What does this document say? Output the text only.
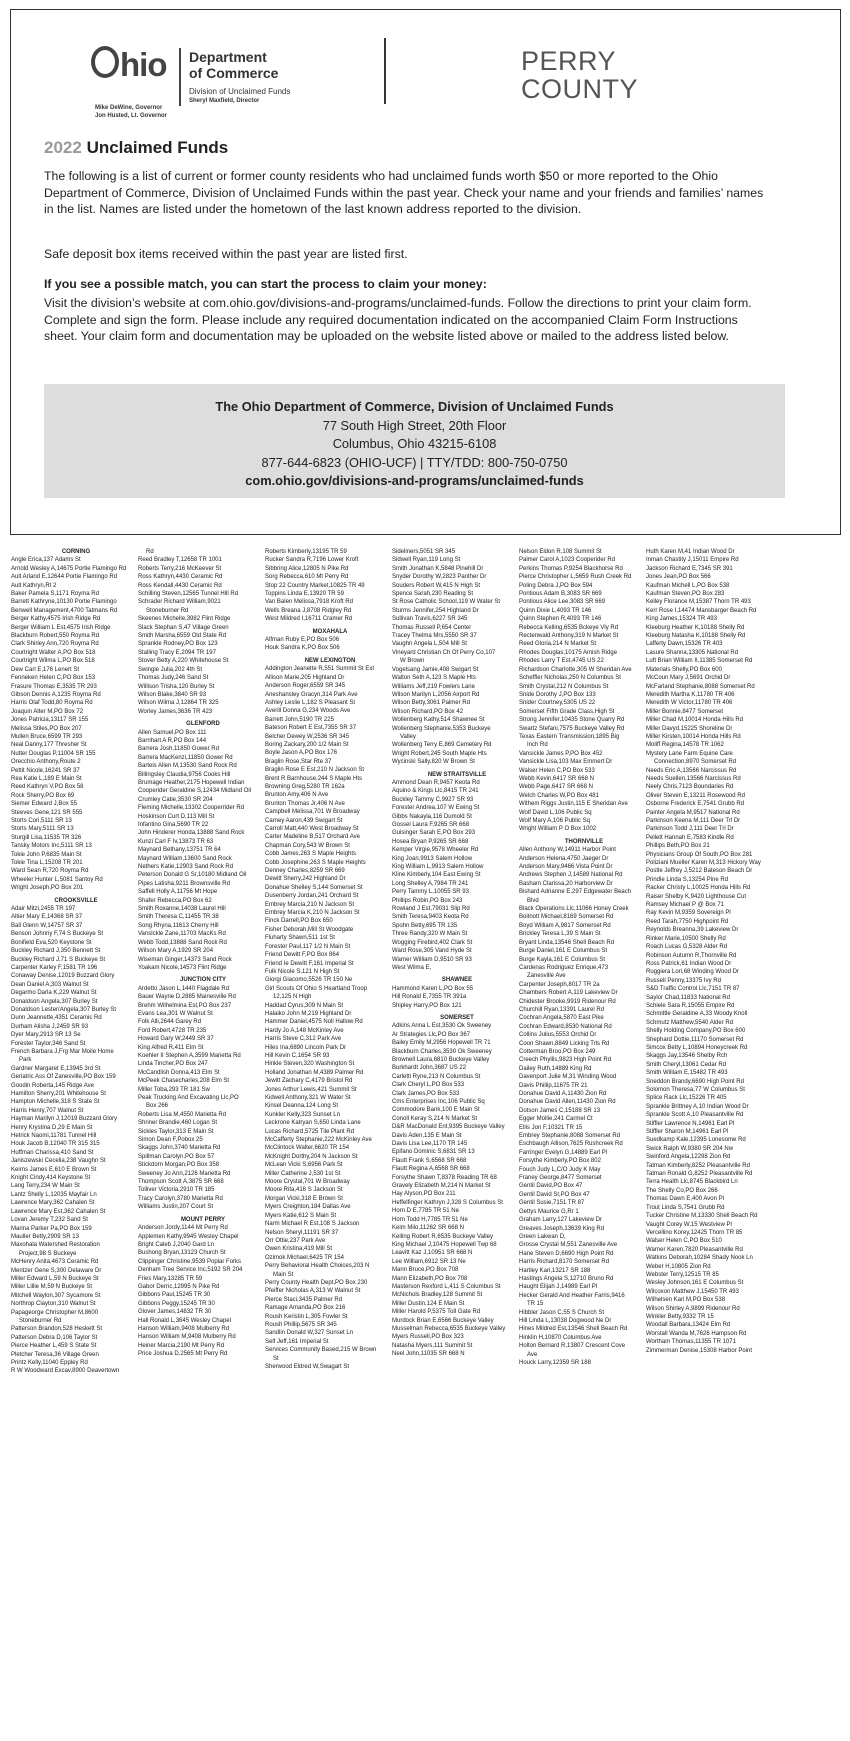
hio Department
of Commerce
Division of Unclaimed Funds
Sheryl Maxfield, Director
Mike DeWine, Governor
Jon Husted, Lt. Governor
PERRY
COUNTY
2022 Unclaimed Funds
The following is a list of current or former county residents who had unclaimed funds worth $50 or more reported to the Ohio Department of Commerce, Division of Unclaimed Funds within the past year. Check your name and your friends and families’ names in the list. Names are listed under the hometown of the last known address reported to the division.
Safe deposit box items received within the past year are listed first.
If you see a possible match, you can start the process to claim your money:
Visit the division’s website at com.ohio.gov/divisions-and-programs/unclaimed-funds. Follow the directions to print your claim form. Complete and sign the form. Please include any required documentation indicated on the accompanied Claim Form Instructions sheet. Your claim form and documentation may be uploaded on the website listed above or mailed to the address listed below.
The Ohio Department of Commerce, Division of Unclaimed Funds
77 South High Street, 20th Floor
Columbus, Ohio 43215-6108
877-644-6823 (OHIO-UCF) | TTY/TDD: 800-750-0750
com.ohio.gov/divisions-and-programs/unclaimed-funds
CORNING
Angle Erica,137 Adams St
Arnold Wesley A,14675 Portie Flamingo Rd
Ault Arland E,12644 Portie Flamingo Rd
Ault Kathryn,Rt 2
Baker Pamela S,1171 Royma Rd
Barrett Kathryne,10130 Portie Flamingo
Benwell Management,4700 Tatmans Rd
Berger Kathy,4575 Irish Ridge Rd
Berger William L Est,4575 Irish Ridge
Blackburn Robert,550 Royma Rd
Clark Shirley Ann,720 Royma Rd
Courtright Walter A,PO Box 518
Courtright Wilma L,PO Box 518
Dew Carl E,176 Lenert St
Fenneken Helen C,PO Box 153
Frasure Thomas E,3535 TR 293
Gibson Dennis A,1235 Royma Rd
Harris Olaf Todd,80 Royma Rd
Joaquin Alter M,PO Box 72
Jones Patricia,13117 SR 155
Melissa Stiles,PO Box 207
Mullen Bruce,6599 TR 293
Neal Danny,177 Thresher St
Nutter Douglas P,11004 SR 155
Orecchio Anthony,Route 2
Pettit Nicole,16241 SR 37
Rea Katie L,189 E Main St
Reed Kathryn V,PO Box 58
Rock Sherry,PO Box 69
Siemer Edward J,Box 55
Steeves Gene,121 SR 555
Storts Cori,5111 SR 13
Storts Mary,5111 SR 13
Sturgill Lisa,11535 TR 326
Tansky Motors Inc,5111 SR 13
Tokie John P,6835 Main St
Tokie Tina L,15208 TR 201
Ward Sean R,720 Royma Rd
Wheeler Hunter L,5081 Santoy Rd
Wright Joseph,PO Box 201

CROOKSVILLE
Adair Mitzi,2455 TR 197
Altier Mary E,14368 SR 37
Ball Glenn W,14757 SR 37
Benson Johnny F,74 S Buckeye St
Bonifield Eva,520 Keystone St
Buckley Richard J,350 Bennett St
Buckley Richard J,71 S Buckeye St
Carpenter Karley F,1581 TR 196
Conaway Denise,12019 Buzzard Glory
Dean Daniel A,303 Walnut St
Degarmo Darla K,229 Walnut St
Donaldson Angela,307 Burley St
Donaldson Lester/Angela,307 Burley St
Dunn Jeannette,4351 Ceramic Rd
Durham Alisha J,2459 SR 93
Dyer Mary,2913 SR 13 Se
Forester Taylor,346 Sand St
French Barbara J,Frg Mar Moile Home
Park
Gardner Margaret E,13945 3rd St
Geriatric Ass Of Zanesville,PO Box 159
Goodin Roberta,145 Ridge Ave
Hamilton Sherry,201 Whitehouse St
Hampton Michelle,318 S State St
Harris Henry,707 Walnut St
Hayman Marilyn J,12019 Buzzard Glory
Henry Krystina D,29 E Main St
Hetrick Naomi,11781 Tunnel Hill
Houk Jacob B,12040 TR 315 315
Huffman Charissa,410 Sand St
Janiszewski Cecelia,238 Vaughn St
Keirns James E,610 E Brown St
Knight Cindy,414 Keystone St
Lang Terry,234 W Main St
Lantz Shelly L,12035 Mayfair Ln
Lawrence Mary,362 Cahalen St
Lawrence Mary Est,362 Cahalen St
Lovan Jeremy T,232 Sand St
Marina Parker Pa,PO Box 159
Mauller Betty,2909 SR 13
Maxohala Watershed Restoration
Project,98 S Buckeye
McHenry Anita,4673 Ceramic Rd
Mentzer Gene S,300 Delaware Dr
Miller Edward L,59 N Buckeye St
Miller Lillie M,59 N Buckeye St
Mitchell Waylon,307 Sycamore St
Northrop Clayton,310 Walnut St
Papageorge Christopher M,8600
Stoneburner Rd
Patterson Brandon,528 Heskett St
Patterson Debra D,106 Taylor St
Pierce Heather L,459 S State St
Pletcher Teresa,36 Village Green
Printz Kelly,11040 Eppley Rd
R W Woodward Excav,8900 Deavertown
Rd
Reed Bradley T,12658 TR 1001
Roberts Terry,216 McKeever St
Ross Kathryn,4430 Ceramic Rd
Ross Kendall,4430 Ceramic Rd
Schilling Steven,12565 Tunnel Hill Rd
Schrader Richard William,9021
Stoneburner Rd
Skeenes Michelle,3982 Flint Ridge
Slack Stephan S,47 Village Green
Smith Marsha,6559 Old State Rd
Sprankle Rodney,PO Box 123
Stalling Tracy E,2094 TR 197
Stover Betty A,220 Whitehouse St
Swingle Julia,202 4th St
Thomas Judy,246 Sand St
Willison Trisha,120 Burley St
Wilson Blake,3840 SR 93
Wilson Wilma J,12864 TR 325
Worley James,3636 TR 423

GLENFORD
Allen Samuel,PO Box 111
Barnhart A R,PO Box 144
Barrera Josh,11850 Gower Rd
Barrera MacKenzi,11850 Gower Rd
Barteis Allen M,13530 Sand Rock Rd
Billingsley Claudia,9756 Cooks Hill
Brumage Heather,2175 Hopewell Indian
Cooperider Geraldine S,12434 Midland Oil
Crumley Catie,3530 SR 204
Fleming Michelle,13302 Cooperrider Rd
Hoskinson Curt D,113 Mill St
Infantino Gina,5690 TR 22
John Hinderer Honda,13888 Sand Rock
Kunzi Carl F Iv,13873 TR 63
Maynard Bethany,13751 TR 64
Maynard William,13600 Sand Rock
Nethers Katie,12903 Sand Rock Rd
Peterson Donald G Sr,10180 Midland Oil
Pipes Latisha,9211 Brownsville Rd
Saffell Holly A,11756 Mt Hope
Shafer Rebecca,PO Box 62
Smith Roxanne,14038 Laurel Hill
Smith Theresa C,11455 TR 38
Song Rhyna,11613 Cherry Hill
Vanslckle Zane,11703 MacKs Rd
Webb Todd,13888 Sand Rock Rd
Wilson Mary A,1929 SR 204
Wiseman Ginger,14373 Sand Rock
Yoakam Nicole,14573 Flint Ridge

JUNCTION CITY
Ardetto Jason L,1440 Flagdale Rd
Bauer Wayne D,2885 Mainesville Rd
Brehm Wilhelmina Est,PO Box 237
Evans Lea,301 W Walnut St
Folk Alli,2644 Garey Rd
Ford Robert,4728 TR 235
Howard Gary W,2449 SR 37
King Alfred R,411 Elm St
Koehler II Stephen A,3599 Marietta Rd
Linda Tincher,PO Box 247
McCandlish Donna,413 Elm St
McPeek Chasecharles,208 Elm St
Miller Toba,293 TR 181 Sw
Peak Trucking And Excavating Llc,PO
Box 266
Roberts Lisa M,4550 Marietta Rd
Shriner Brandie,460 Logan St
Sickles Taylor,313 E Main St
Simon Dean F,Pobox 25
Skaggs John,3740 Marietta Rd
Spillman Carolyn,PO Box 57
Stickdorn Morgan,PO Box 358
Sweeney Jo Ann,2126 Marietta Rd
Thompson Scott A,3875 SR 668
Tolliver Victoria,2910 TR 185
Tracy Carolyn,3780 Marietta Rd
Williams Justin,207 Court St

MOUNT PERRY
Anderson Jordy,1144 Mt Perry Rd
Applemen Kathy,9945 Wesley Chapel
Bright Caleb J,2040 Gard Ln
Bushong Bryan,13123 Church St
Clippinger Christine,9539 Poplar Forks
Denham Tree Service Inc,5192 SR 204
Fries Mary,13285 TR 59
Gabor Derric,12995 N Pike Rd
Gibbons Paul,15245 TR 30
Gibbons Peggy,15245 TR 30
Glover James,14832 TR 30
Hall Ronald L,3645 Wesley Chapel
Hanson William,9408 Mulberry Rd
Hanson William M,9408 Mulberry Rd
Heiner Marcia,2190 Mt Perry Rd
Price Joshua D,2565 Mt Perry Rd
Roberts Kimberly,13195 TR 59
Rucker Sandra R,7196 Lower Kroft
Sibbring Alice,12805 N Pike Rd
Sorg Rebecca,610 Mt Perry Rd
Stop 22 Country Market,10825 TR 49
Toppins Linda E,13920 TR 59
Van Balen Melissa,7918 Kroft Rd
Wells Breana J,8708 Ridgley Rd
West Mildred I,16711 Cramer Rd

MOXAHALA
Alfman Ruby E,PO Box 506
Houk Sandra K,PO Box 506

NEW LEXINGTON
Addington Jeanette R,551 Summit St Ext
Allison Marie,205 Highland Dr
Anderson Roger,6559 SR 345
Aneshansley Gracyn,314 Park Ave
Ashley Leslie L,182 S Pleasant St
Averill Donna G,234 Woods Ave
Barrett John,5190 TR 225
Bateson Robert E Est,7355 SR 37
Belcher Dewey W,2536 SR 345
Boring Zackary,200 1/2 Main St
Boyle Jason A,PO Box 176
Braglin Rose,Star Rte 37
Braglin Rose E Est,210 N Jackson St
Brent R Barnhouse,244 S Maple Hts
Browning Greg,5280 TR 162a
Brunton Amy,406 N Ave
Brunton Thomas Jr,406 N Ave
Campbell Melissa,701 W Broadway
Carney Aaron,439 Swigart St
Carroll Matt,440 West Broadway St
Carter Madeline B,517 Orchard Ave
Chapman Cory,543 W Brown St
Cobb James,263 S Maple Heights
Cobb Josephine,263 S Maple Heights
Denney Charles,8259 SR 669
Dewitt Sherry,242 Highland Dr
Donahue Shelley S,144 Somerset St
Dusenberry Jordan,241 Orchard St
Embrey Marcia,210 N Jackson St
Embrey Marcia K,210 N Jackson St
Finck Darrell,PO Box 650
Fisher Deborah,Mill St Woodgate
Fluharty Shawn,511 1st St
Forester Paul,117 1/2 N Main St
Friend Dewitt F,PO Box 864
Friend Ie Dewitt F,161 Imperial St
Fulk Nicole S,121 N High St
Giorgi Giacomo,5526 TR 150 Ne
Girl Scouts Of Ohio S Heartland Troop
12,125 N High
Haddad Cyrus,309 N Main St
Halaiko John M,219 Highland Dr
Hammer Daniel,4575 Noll Hallow Rd
Hardy Jo A,148 McKinley Ave
Harris Steve C,312 Park Ave
Hiles Ina,6890 Lincoln Park Dr
Hill Kevin C,1654 SR 93
Hinkle Steven,320 Washington St
Holland Jonathan M,4389 Palmer Rd
Jewitt Zachary C,4179 Bristol Rd
Jones Arthur Lewis,421 Summit St
Kidwell Anthony,321 W Water St
Kinsel Deanna,124 Long St
Kunkler Kelly,323 Sunset Ln
Leckrone Katryan S,650 Linda Lane
Lucas Richard,5725 Tile Plant Rd
McCafferty Stephanie,222 McKinley Ave
McClintock Walter,6620 TR 154
McKnight Dorthy,204 N Jackson St
McLean Vicki S,6956 Park St
Miller Catherine J,530 1st St
Moore Crystal,701 W Broadway
Moore Rita,416 S Jackson St
Morgan Vicki,318 E Brown St
Myers Creighton,184 Dallas Ave
Myers Katie,612 S Main St
Narm Michael R Est,108 S Jackson
Nelson Sheryl,11191 SR 37
Orr Ottie,237 Park Ave
Owen Kristina,419 Mill St
Ozimok Michael,6425 TR 154
Perry Behavioral Health Choices,203 N
Main St
Perry County Health Dept,PO Box 230
Pfeiffer Nicholas A,313 W Walnut St
Pierce Staci,3435 Palmer Rd
Ramage Amanda,PO Box 216
Roush Keristin L,305 Fowler St
Roush Phillip,5675 SR 345
Sandlin Donald W,327 Sunset Ln
Self Jeff,161 Imperial St
Services Community Based,215 W Brown
St
Sherwood Eldred W,Swagart St
Sideliners,5051 SR 345
Sidwell Ryan,119 Long St
Smith Jonathan K,5848 Pinehill Dr
Snyder Dorothy W,2823 Panther Dr
Souders Robert W,415 N High St
Spence Sarah,230 Reading St
St Rose Catholic School,119 W Water St
Sturms Jennifer,254 Highland Dr
Sullivan Travis,6227 SR 345
Thomas Russell P,654 Center
Tracey Thelma Mrs,5550 SR 37
Vaughn Angela L,504 Mill St
Vineyard Christian Ch Of Perry Co,107
W Brown
Vogelsang Jamie,408 Swigart St
Walton Seth A,123 S Maple Hts
Williams Jeff,219 Fowlers Lane
Wilson Marilyn L,2056 Airport Rd
Wilson Betty,3061 Palmer Rd
Wilson Richard,PO Box 42
Wollenberg Kathy,514 Shawnee St
Wollenberg Stephanie,5353 Buckeye
Valley
Wollenberg Terry E,869 Cemetery Rd
Wright Robert,245 South Maple Hts
Wycinski Sally,820 W Brown St

NEW STRAITSVILLE
Ammond Dean R,9457 Keota Rd
Aquino & Kings Llc,8415 TR 241
Buckley Tammy C,9927 SR 93
Forester Andrea,107 W Ewing St
Gibbs Nakayla,116 Dumold St
Gossel Laura F,9265 SR 668
Guisinger Sarah E,PO Box 293
Hosea Bryan P,9265 SR 668
Kemper Virgie,9578 Wheeler Rd
King Joan,9913 Salem Hollow
King William L,9913 Salem Hollow
Kline Kimberly,104 East Ewing St
Long Shelley A,7984 TR 241
Perry Tammy L,10055 SR 93
Phillips Robin,PO Box 243
Rowland J Est,79031 Slip Rd
Smith Teresa,9403 Keota Rd
Spohn Betty,695 TR 135
Three Randy,320 W Main St
Wogging Firebird,402 Clark St
Ward Rose,305 Vand Hyde St
Warner William D,9510 SR 93
West Wilma E,

SHAWNEE
Hammond Karen L,PO Box 55
Hill Ronald E,7355 TR 391a
Shipley Harry,PO Box 121

SOMERSET
Adkins Anna L Est,3530 Ok Sweeney
Ar Strategies Llc,PO Box 367
Bailey Emily M,2956 Hopewell TR 71
Blackburn Charles,3530 Ok Sweeney
Brownell Laura,6810 Buckeye Valley
Burkhardt John,3687 US 22
Carletti Ryne,213 N Columbus St
Clark Cheryl L,PO Box 533
Clark James,PO Box 533
Cms Enterprises Inc,106 Public Sq
Commodore Bank,100 E Main St
Conoll Keray S,214 N Market St
D&R MacDonald Ent,9395 Buckeye Valley
Davis Aden,135 E Main St
Davis Lisa Lee,1170 TR 145
Epifano Dominic S,6831 SR 13
Flautt Frank S,6568 SR 668
Flautt Regina A,6568 SR 668
Forsythe Shawn T,8378 Reading TR 68
Gravely Elizabeth M,214 N Market St
Hay Alyson,PO Box 211
Heffelfinger Kathryn J,328 S Columbus St
Horn D E,7785 TR 51 Ne
Horn Todd H,7785 TR 51 Ne
Keim Milo,11262 SR 668 N
Kelling Robert R,6535 Buckeye Valley
King Michael J,10475 Hopewell Twp 68
Leavitt Kaz J,10951 SR 668 N
Lee William,6912 SR 13 Ne
Mann Bruce,PO Box 708
Mann Elizabeth,PO Box 708
Masterson Rexford L,411 S Columbus St
McNichols Bradley,128 Summit St
Miller Dustin,124 E Main St
Miller Harold P,5375 Toll Gate Rd
Murdock Brian E,6566 Buckeye Valley
Musselman Rebecca,6535 Buckeye Valley
Myers Russell,PO Box 323
Natasha Myers,111 Summit St
Neel John,11035 SR 668 N
Nelson Eldon R,108 Summit St
Palmer Carol A,1023 Cooperider Rd
Perkins Thomas P,9254 Blackhorse Rd
Pierce Christopher L,5659 Rush Creek Rd
Poling Debra J,PO Box 594
Pontious Adam B,3083 SR 669
Pontious Alice Lee,3083 SR 669
Quinn Dixie L,4093 TR 146
Quinn Stephen R,4093 TR 146
Rebecca Kelling,6535 Bckeye Vly Rd
Rectenwald Anthony,319 N Market St
Reed Gloria,214 N Market St
Rhodes Douglas,10175 Amish Ridge
Rhodes Larry T Est,4745 US 22
Richardson Charlotte,305 W Sheridan Ave
Scheffler Nicholas,250 N Columbus St
Smith Crystal,212 N Columbus St
Snide Dorothy J,PO Box 133
Snider Courtney,5305 US 22
Somerset Fifth Grade Class,High St
Strong Jennifer,10435 Stone Quarry Rd
Swartz Stefani,7575 Buckeye Valley Rd
Texas Eastern Transmission,1895 Big
Inch Rd
Vansickle James P,PO Box 452
Vansickle Lisa,103 Max Emmert Dr
Walser Helen C,PO Box 533
Webb Kevin,6417 SR 668 N
Webb Page,6417 SR 668 N
Welch Charles W,PO Box 481
Withem Riggs Justin,115 E Sheridan Ave
Wolf David L,106 Public Sq
Wolf Mary A,106 Public Sq
Wright William P O Box 1002

THORNVILLE
Allen Anthony W,14911 Harbor Point
Anderson Helena,4750 Jaeger Dr
Anderson Mary,9466 Vista Point Dr
Andrews Stephen J,14589 National Rd
Basham Clarissa,20 Harborview Dr
Bishard Adrianne E,297 Edgewater Beach
Blvd
Black Operations Llc,11066 Honey Creek
Boitnott Michael,8169 Somerset Rd
Boyd William A,9817 Somerset Rd
Brickley Teresa L,39 S Main St
Bryant Linda,13546 Shell Beach Rd
Burge Daniel,161 E Columbus St
Burge Kayla,161 E Columbus St
Cardenas Rodriguez Enrique,473
Zanesville Ave
Carpenter Joseph,8017 TR 2a
Chambers Robert A,119 Lakeview Dr
Chidester Brooke,9919 Ridenour Rd
Churchill Ryan,13391 Laurel Rd
Cochran Angela,5870 East Pike
Cochran Edward,8530 National Rd
Collins Julius,5553 Orchid Dr
Coon Shawn,8849 Licking Trls Rd
Cotterman Broo,PO Box 249
Creech Phyllis,9823 High Point Rd
Dailey Ruth,14889 King Rd
Davenport Julie M,31 Winding Wood
Davis Phillip,11675 TR 21
Donahue David A,11430 Zion Rd
Donahue David Allen,11430 Zion Rd
Dotson James C,15188 SR 13
Egger Mollie,241 Carmel Ct
Ellis Jon F,10321 TR 15
Embrey Stephanie,8088 Somerset Rd
Eschbaugh Allison,7625 Rushcreek Rd
Farringer Evelyn G,14889 Earl Pl
Forsythe Kimberly,PO Box 802
Fouch Judy L,C/O Judy K May
Franey George,8477 Somerset
Gentil David,PO Box 47
Gentil David Sr,PO Box 47
Gentil Susie,7151 TR 87
Gettys Maurice G,Rr 1
Graham Larry,127 Lakeview Dr
Greaves Joseph,13639 King Rd
Green Lakwan D,
Grosse Crystal M,551 Zanesville Ave
Hane Steven D,6690 High Point Rd
Harris Richard,8170 Somerset Rd
Hartley Kari,13217 SR 188
Hastings Angela S,12710 Bruno Rd
Haught Elijah J,14989 Earl Pl
Hecker Gerald And Heather Farris,9416
TR 15
Hibbler Jason C,55 S Church St
Hill Linda L,13038 Dogwood Ne Dr
Hines Mildred Est,13546 Shell Beach Rd
Hinklin H,10870 Columbus Ave
Holton Bernard R,13807 Crescent Cove
Ave
Houck Larry,12359 SR 188
Huth Karen M,41 Indian Wood Dr
Inman Chastity J,15011 Empire Rd
Jackson Richard E,7345 SR 391
Jones Jean,PO Box 566
Kaufman Michell L,PO Box 538
Kaufman Steven,PO Box 283
Kelley Florance M,15387 Thorn TR 493
Kerr Rose I,14474 Mansbarger Beach Rd
King James,15324 TR 493
Kleeburg Heather K,10188 Shelly Rd
Kleeburg Natasha K,10188 Shelly Rd
Lafferty Dawn,15326 TR 403
Lasure Shanna,13305 National Rd
Luft Brian William II,11385 Somerset Rd
Materials Shelly,PO Box 600
McCoun Mary J,5691 Orchid Dr
McFarland Stephanie,8088 Somerset Rd
Meredith Martha K,11780 TR 406
Meredith W Victor,11780 TR 406
Miller Bonnie,8477 Somerset
Miller Chad M,10014 Honda Hills Rd
Miller Davyd,15225 Shoreline Dr
Miller Kirsten,10014 Honda Hills Rd
Moliff Regina,14578 TR 1062
Mystery Lane Farm Equine Care
Connection,8970 Somerset Rd
Needs Eric A,13566 Narcissus Rd
Needs Suellen,13566 Narcissus Rd
Neely Chris,7123 Boundaries Rd
Oliver Steven E,13211 Rosewood Rd
Osborne Frederick E,7541 Grubb Rd
Painter Angela M,9517 National Rd
Parkinson Keena M,111 Deer Trl Dr
Parkinson Todd J,111 Deer Trl Dr
Pellett Hannah E,7583 Kindle Rd
Phillips Beth,PO Box 21
Physicians Group Of South,PO Box 281
Poliziani Mueller Karen M,313 Hickory Way
Postle Jeffrey J,5212 Bateson Beach Dr
Prindle Linda S,13254 Pine Rd
Racker Christy L,10025 Honda Hills Rd
Raiser Shelby K,9420 Lighthouse Cut
Ramsey Michael P @ Box 71
Ray Kevin M,9359 Sovereign Pl
Reed Tarah,7750 Highpoint Rd
Reynolds Breanna,39 Lakeview Dr
Rinker Marie,10500 Shelly Rd
Roach Lucas G,5328 Alder Rd
Robinson Autumn R,Thornville Rd
Ross Patrick,61 Indian Wood Dr
Ruggiera Lori,68 Winding Wood Dr
Russell Penny,13375 Ivy Rd
S&D Traffic Control Llc,7151 TR 87
Saylor Chad,11833 National Rd
Schiele Sara R,15055 Empire Rd
Schmittle Geraldine A,33 Woody Knoll
Schmutz Matthew,5540 Alder Rd
Shelly Holding Company,PO Box 600
Shephard Dottie,11170 Somerset Rd
Simcox Betty L,10894 Honeycreek Rd
Skaggs Jay,13546 Shelby Rch
Smith Cheryl,13061 Cedar Rd
Smith William E,15482 TR 493
Sneddon Brandy,6690 High Point Rd
Solomon Theresa,77 W Columbus St
Splice Rack Llc,15226 TR 405
Sprankle Brittney A,10 Indian Wood Dr
Sprankle Scott A,10 Pleasantville Rd
Stiffler Lawrence N,14961 Earl Pl
Stiffler Sharon M,14961 Earl Pl
Suedkamp Kale,12395 Lonesome Rd
Swick Ralph W,9380 SR 204 Nw
Swinford Angela,12298 Zion Rd
Tatman Kimberly,8252 Pleasantville Rd
Tatman Ronald G,8252 Pleasantville Rd
Terra Health Llc,8745 Blackbird Ln
The Shelly Co,PO Box 266
Thomas Dawn E,400 Avon Pl
Trout Linda S,7541 Grubb Rd
Tucker Christine M,13330 Shell Beach Rd
Vaught Corey W,15 Westview Pl
Vercellino Korey,12425 Thorn TR 85
Walser Helen C,PO Box 510
Warner Karen,7820 Pleasantville Rd
Watkins Deborah,10284 Shady Nook Ln
Weber H,10805 Zion Rd
Webster Terry,12515 TR 85
Wesley Johnson,161 E Columbus St
Wilcoxon Matthew J,15450 TR 493
Wilhelsen Kari M,PO Box 538
Wilson Shirley A,9899 Ridenour Rd
Winkler Betty,9332 TR 15
Woodall Barbara,13424 Elm Rd
Worstall Wanda M,7626 Hampson Rd
Wortham Thomas,11355 TR 1071
Zimmerman Denise,15308 Harbor Point
